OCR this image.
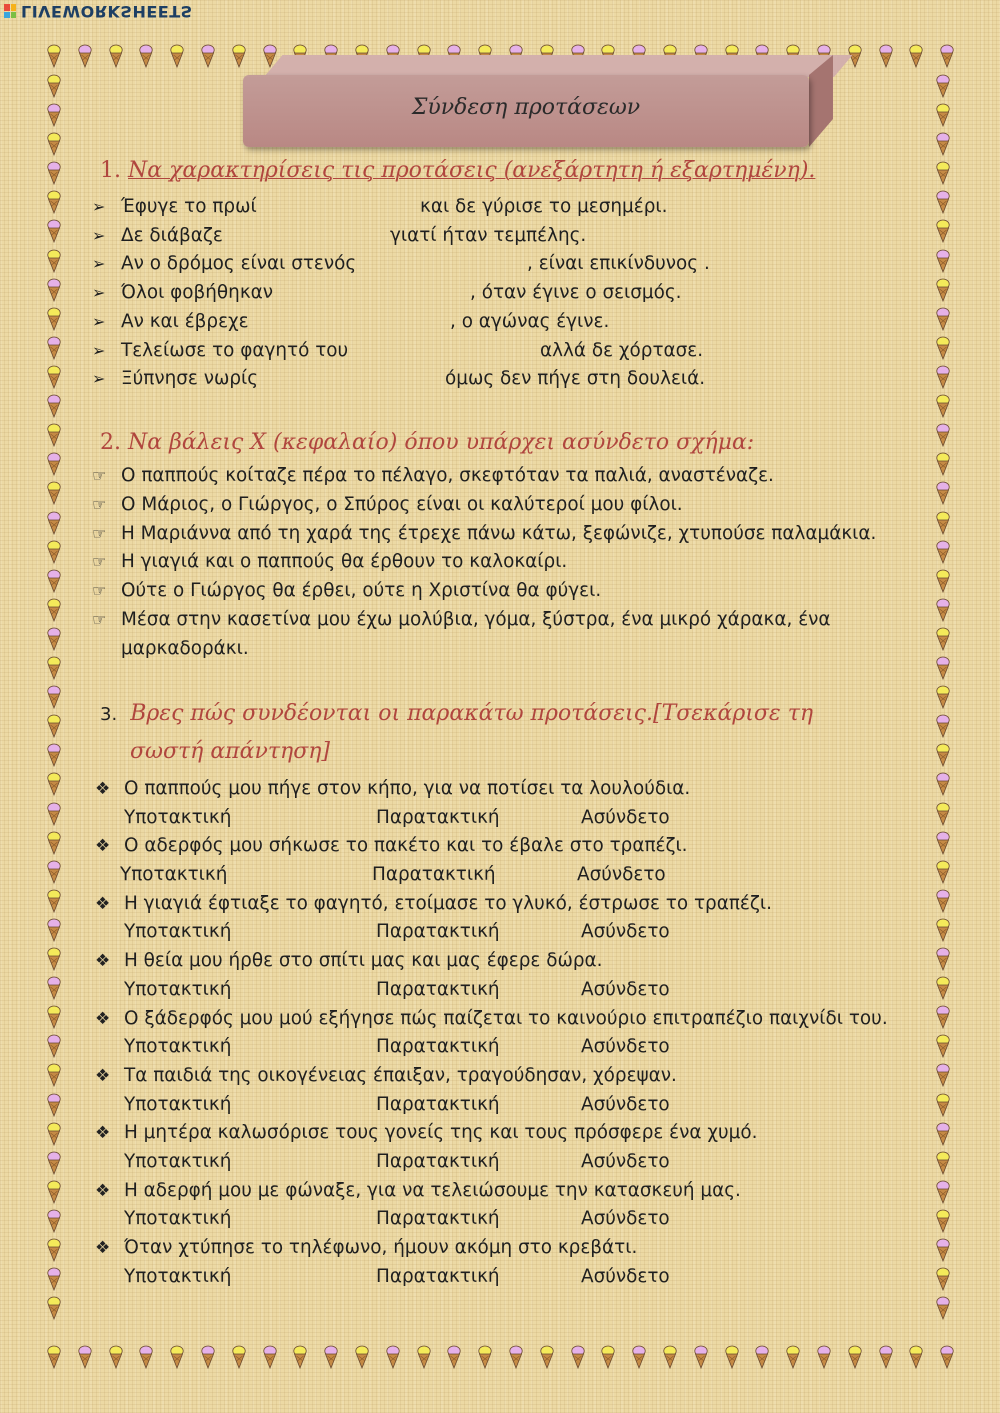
LIVEWORKSHEETS
Σύνδεση προτάσεων
1. Να χαρακτηρίσεις τις προτάσεις (ανεξάρτητη ή εξαρτημένη).
➢ Έφυγε το πρωί	και δε γύρισε το μεσημέρι.
➢ Δε διάβαζε	γιατί ήταν τεμπέλης.
➢ Αν ο δρόμος είναι στενός	, είναι επικίνδυνος .
➢ Όλοι φοβήθηκαν	, όταν έγινε ο σεισμός.
➢ Αν και έβρεχε	, ο αγώνας έγινε.
➢ Τελείωσε το φαγητό του	αλλά δε χόρτασε.
➢ Ξύπνησε νωρίς	όμως δεν πήγε στη δουλειά.
2. Να βάλεις Χ (κεφαλαίο) όπου υπάρχει ασύνδετο σχήμα:
☞ Ο παππούς κοίταζε πέρα το πέλαγο, σκεφτόταν τα παλιά, αναστέναζε.
☞ Ο Μάριος, ο Γιώργος, ο Σπύρος είναι οι καλύτεροί μου φίλοι.
☞ Η Μαριάννα από τη χαρά της έτρεχε πάνω κάτω, ξεφώνιζε, χτυπούσε παλαμάκια.
☞ Η γιαγιά και ο παππούς θα έρθουν το καλοκαίρι.
☞ Ούτε ο Γιώργος θα έρθει, ούτε η Χριστίνα θα φύγει.
☞ Μέσα στην κασετίνα μου έχω μολύβια, γόμα, ξύστρα, ένα μικρό χάρακα, ένα
μαρκαδοράκι.
3. Βρες πώς συνδέονται οι παρακάτω προτάσεις.[Τσεκάρισε τη
σωστή απάντηση]
❖ Ο παππούς μου πήγε στον κήπο, για να ποτίσει τα λουλούδια.
Υποτακτική	Παρατακτική	Ασύνδετο
❖ Ο αδερφός μου σήκωσε το πακέτο και το έβαλε στο τραπέζι.
Υποτακτική	Παρατακτική	Ασύνδετο
❖ Η γιαγιά έφτιαξε το φαγητό, ετοίμασε το γλυκό, έστρωσε το τραπέζι.
Υποτακτική	Παρατακτική	Ασύνδετο
❖ Η θεία μου ήρθε στο σπίτι μας και μας έφερε δώρα.
Υποτακτική	Παρατακτική	Ασύνδετο
❖ Ο ξάδερφός μου μού εξήγησε πώς παίζεται το καινούριο επιτραπέζιο παιχνίδι του.
Υποτακτική	Παρατακτική	Ασύνδετο
❖ Τα παιδιά της οικογένειας έπαιξαν, τραγούδησαν, χόρεψαν.
Υποτακτική	Παρατακτική	Ασύνδετο
❖ Η μητέρα καλωσόρισε τους γονείς της και τους πρόσφερε ένα χυμό.
Υποτακτική	Παρατακτική	Ασύνδετο
❖ Η αδερφή μου με φώναξε, για να τελειώσουμε την κατασκευή μας.
Υποτακτική	Παρατακτική	Ασύνδετο
❖ Όταν χτύπησε το τηλέφωνο, ήμουν ακόμη στο κρεβάτι.
Υποτακτική	Παρατακτική	Ασύνδετο
